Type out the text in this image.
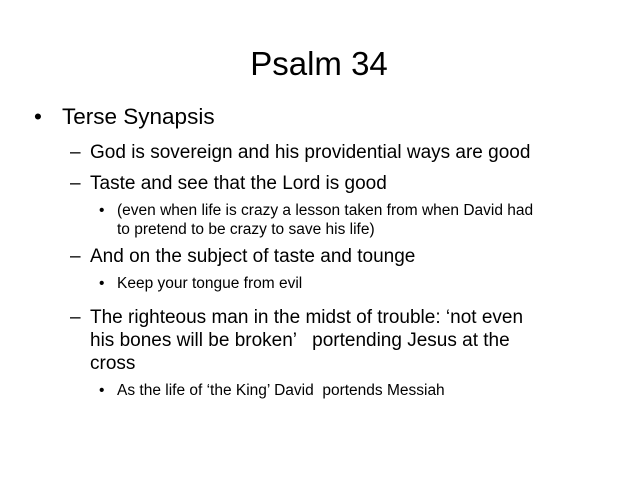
Psalm 34
• Terse Synapsis
– God is sovereign and his providential ways are good
– Taste and see that the Lord is good
• (even when life is crazy a lesson taken from when David had
to pretend to be crazy to save his life)
– And on the subject of taste and tounge
• Keep your tongue from evil
– The righteous man in the midst of trouble: ‘not even
his bones will be broken’   portending Jesus at the
cross
• As the life of ‘the King’ David  portends Messiah
